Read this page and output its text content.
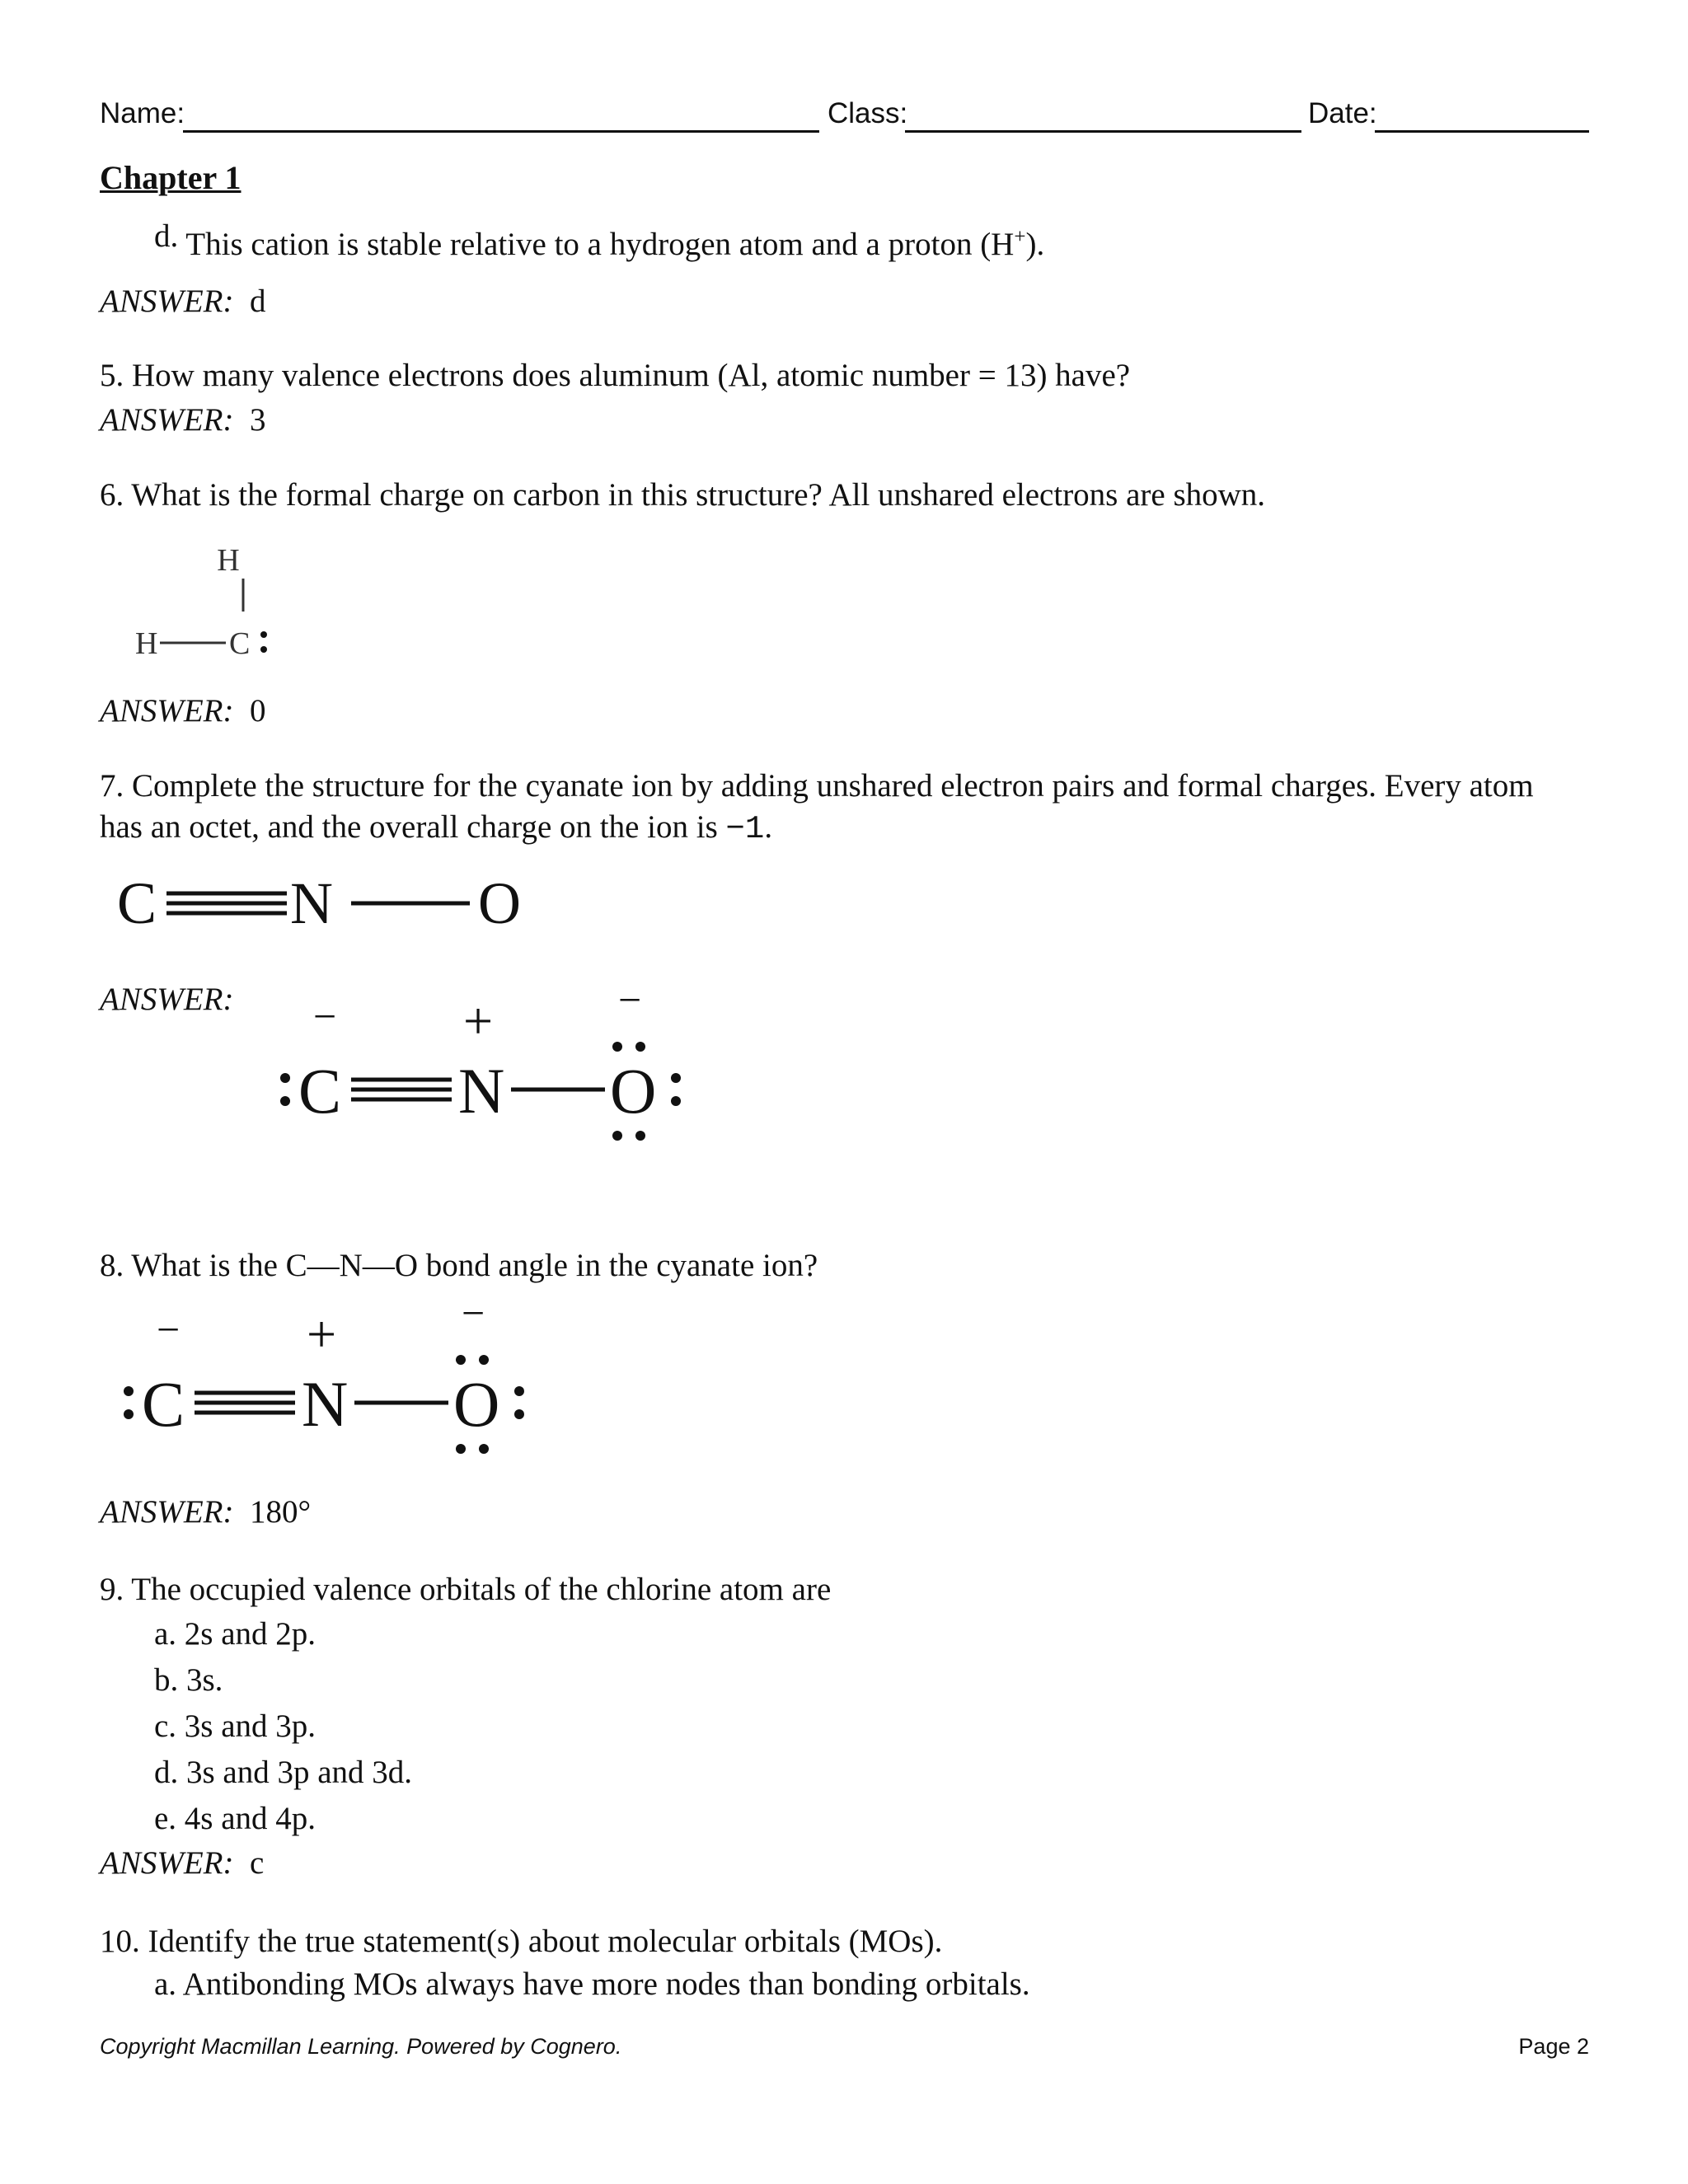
Name:	Class:	Date:
Chapter 1
d. This cation is stable relative to a hydrogen atom and a proton (H+).
ANSWER: d
5. How many valence electrons does aluminum (Al, atomic number = 13) have?
ANSWER: 3
6. What is the formal charge on carbon in this structure? All unshared electrons are shown.
H
H C
ANSWER: 0
7. Complete the structure for the cyanate ion by adding unshared electron pairs and formal charges. Every atom
has an octet, and the overall charge on the ion is −1.
C N O
ANSWER: − +	−
C N O
8. What is the C—N—O bond angle in the cyanate ion?
− +	−
C N O
ANSWER: 180°
9. The occupied valence orbitals of the chlorine atom are
a. 2s and 2p.
b. 3s.
c. 3s and 3p.
d. 3s and 3p and 3d.
e. 4s and 4p.
ANSWER: c
10. Identify the true statement(s) about molecular orbitals (MOs).
a. Antibonding MOs always have more nodes than bonding orbitals.
Copyright Macmillan Learning. Powered by Cognero.	Page 2
